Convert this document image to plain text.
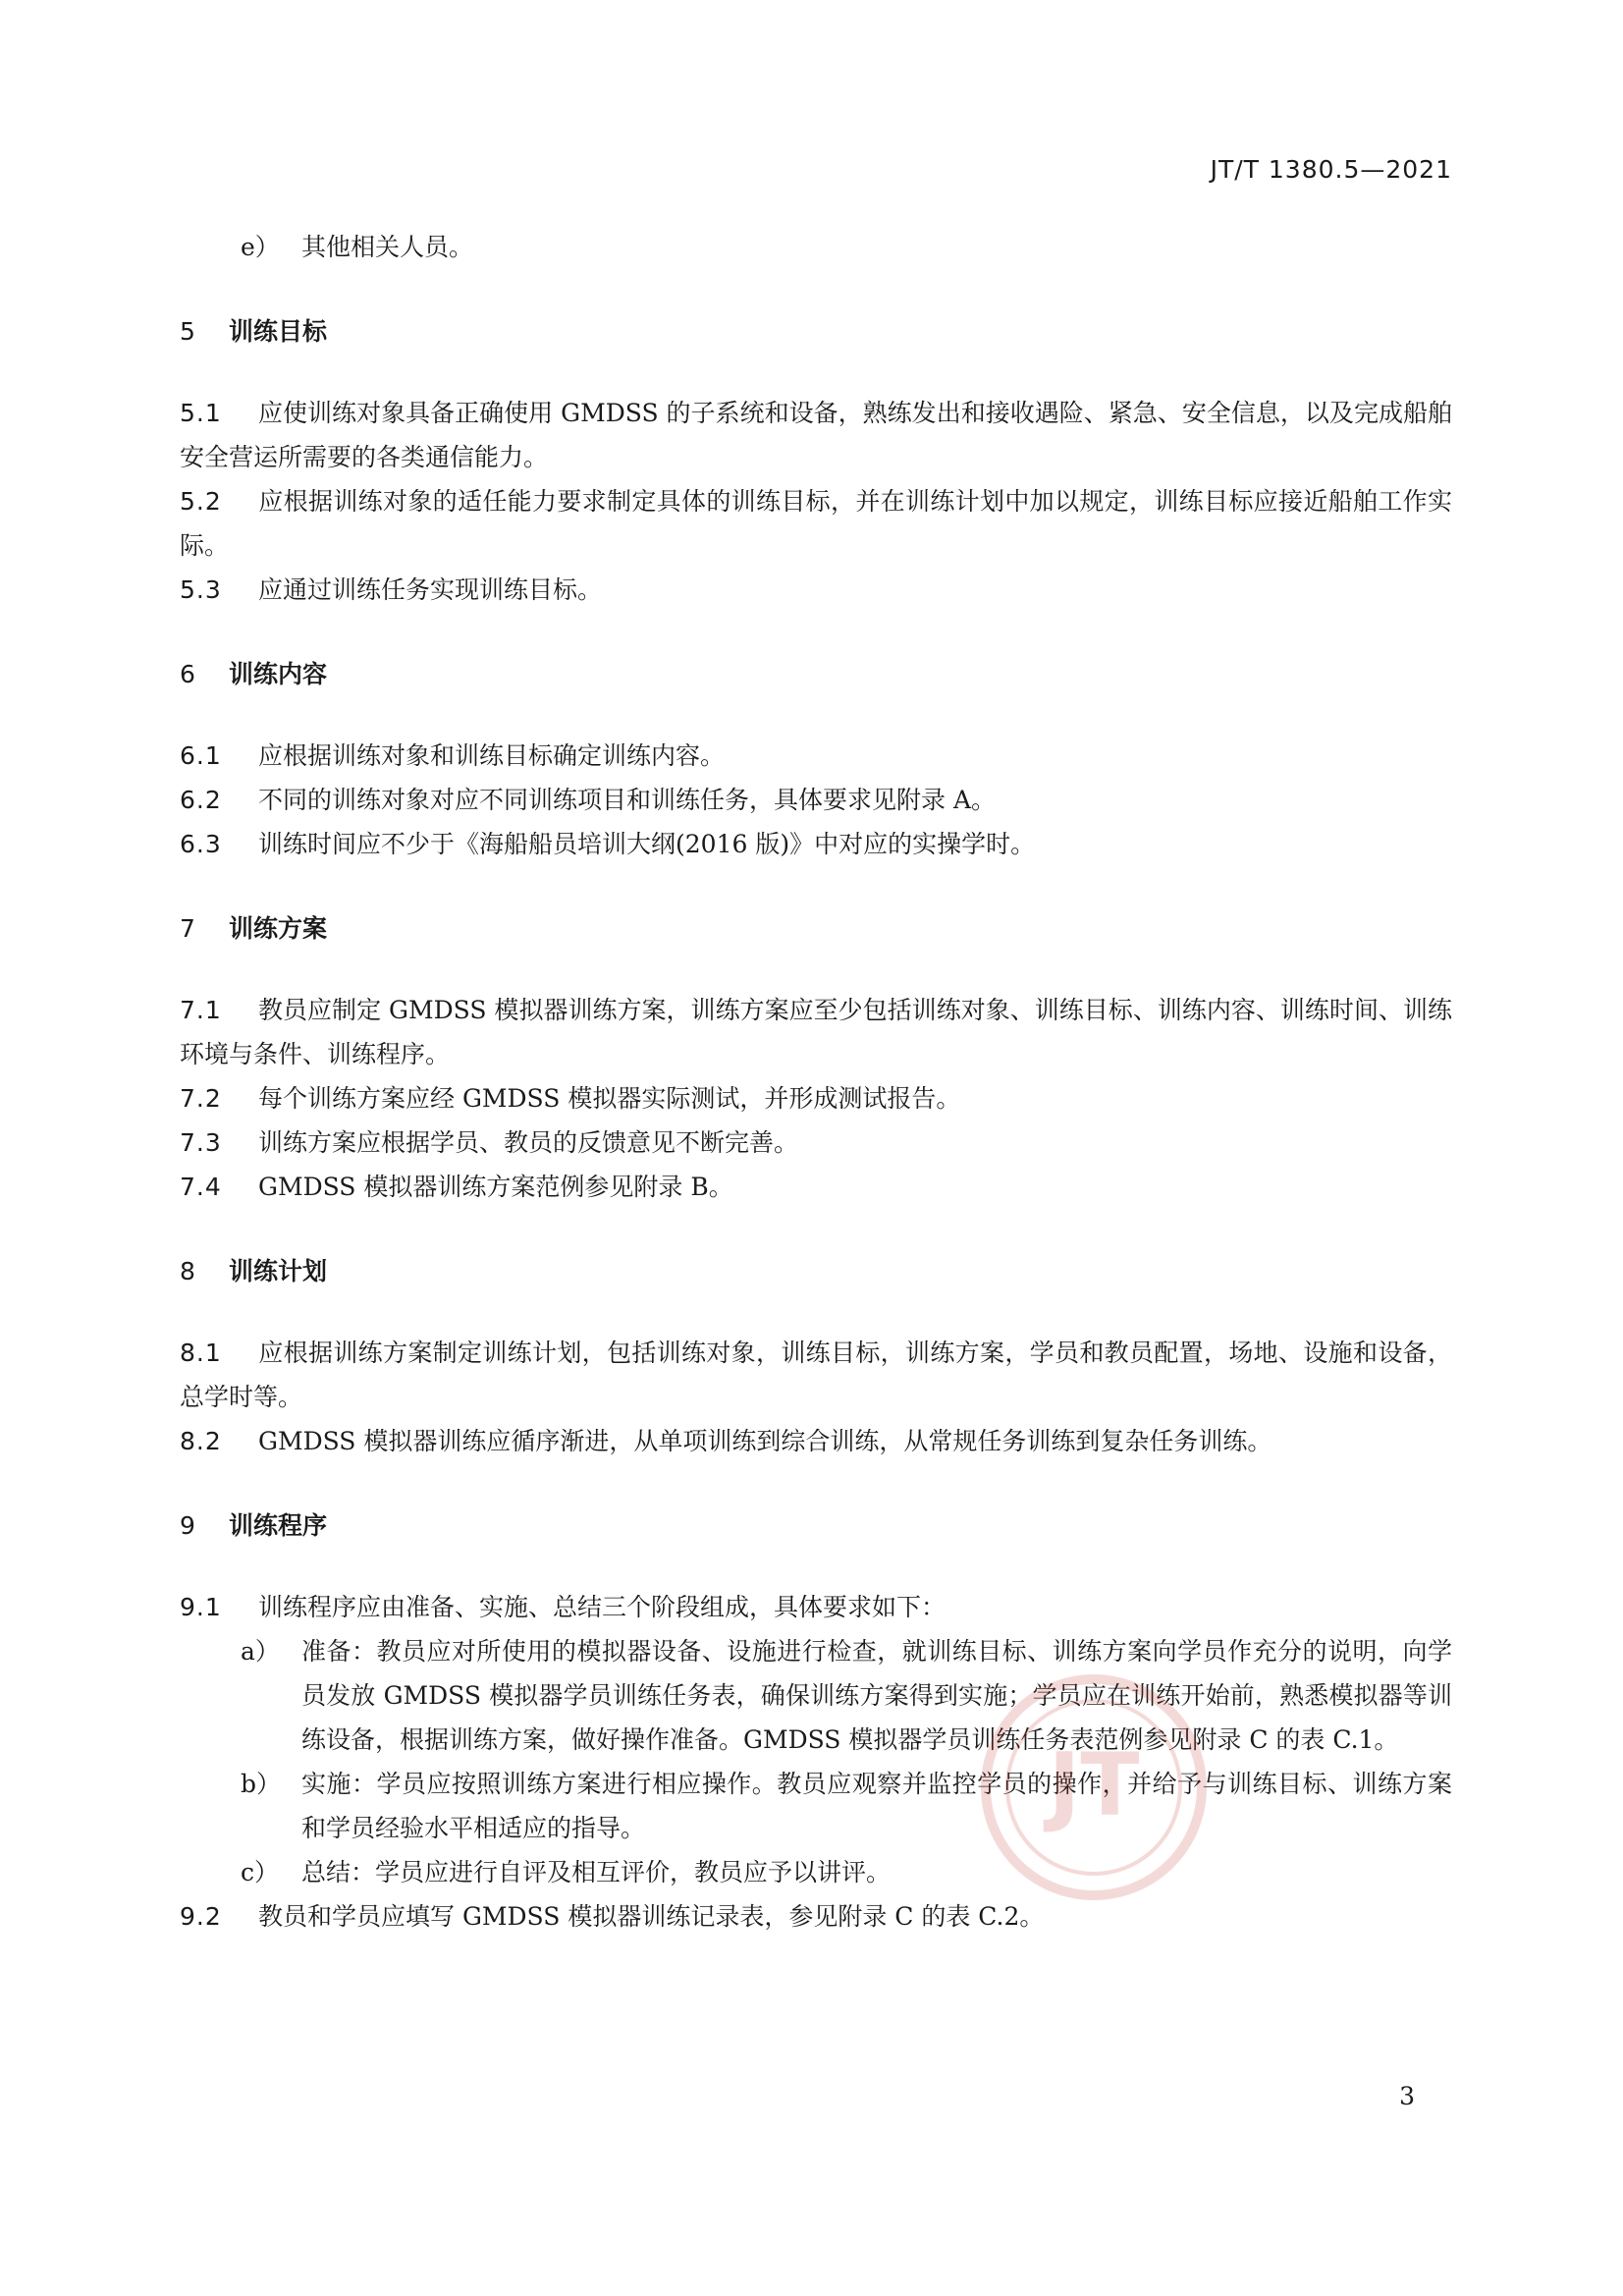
JT/T 1380.5—2021
e） 其他相关人员。
5 训练目标

5.1 应使训练对象具备正确使用 GMDSS 的子系统和设备，熟练发出和接收遇险、紧急、安全信息，以及完成船舶安全营运所需要的各类通信能力。

5.2 应根据训练对象的适任能力要求制定具体的训练目标，并在训练计划中加以规定，训练目标应接近船舶工作实际。

5.3 应通过训练任务实现训练目标。

6 训练内容

6.1 应根据训练对象和训练目标确定训练内容。

6.2 不同的训练对象对应不同训练项目和训练任务，具体要求见附录 A。

6.3 训练时间应不少于《海船船员培训大纲(2016 版)》中对应的实操学时。

7 训练方案

7.1 教员应制定 GMDSS 模拟器训练方案，训练方案应至少包括训练对象、训练目标、训练内容、训练时间、训练环境与条件、训练程序。

7.2 每个训练方案应经 GMDSS 模拟器实际测试，并形成测试报告。

7.3 训练方案应根据学员、教员的反馈意见不断完善。

7.4 GMDSS 模拟器训练方案范例参见附录 B。

8 训练计划

8.1 应根据训练方案制定训练计划，包括训练对象，训练目标，训练方案，学员和教员配置，场地、设施和设备，总学时等。

8.2 GMDSS 模拟器训练应循序渐进，从单项训练到综合训练，从常规任务训练到复杂任务训练。

9 训练程序

9.1 训练程序应由准备、实施、总结三个阶段组成，具体要求如下：

a） 准备：教员应对所使用的模拟器设备、设施进行检查，就训练目标、训练方案向学员作充分的说明，向学员发放 GMDSS 模拟器学员训练任务表，确保训练方案得到实施；学员应在训练开始前，熟悉模拟器等训练设备，根据训练方案，做好操作准备。GMDSS 模拟器学员训练任务表范例参见附录 C 的表 C.1。
b） 实施：学员应按照训练方案进行相应操作。教员应观察并监控学员的操作，并给予与训练目标、训练方案和学员经验水平相适应的指导。
c） 总结：学员应进行自评及相互评价，教员应予以讲评。

9.2 教员和学员应填写 GMDSS 模拟器训练记录表，参见附录 C 的表 C.2。

JT
3
